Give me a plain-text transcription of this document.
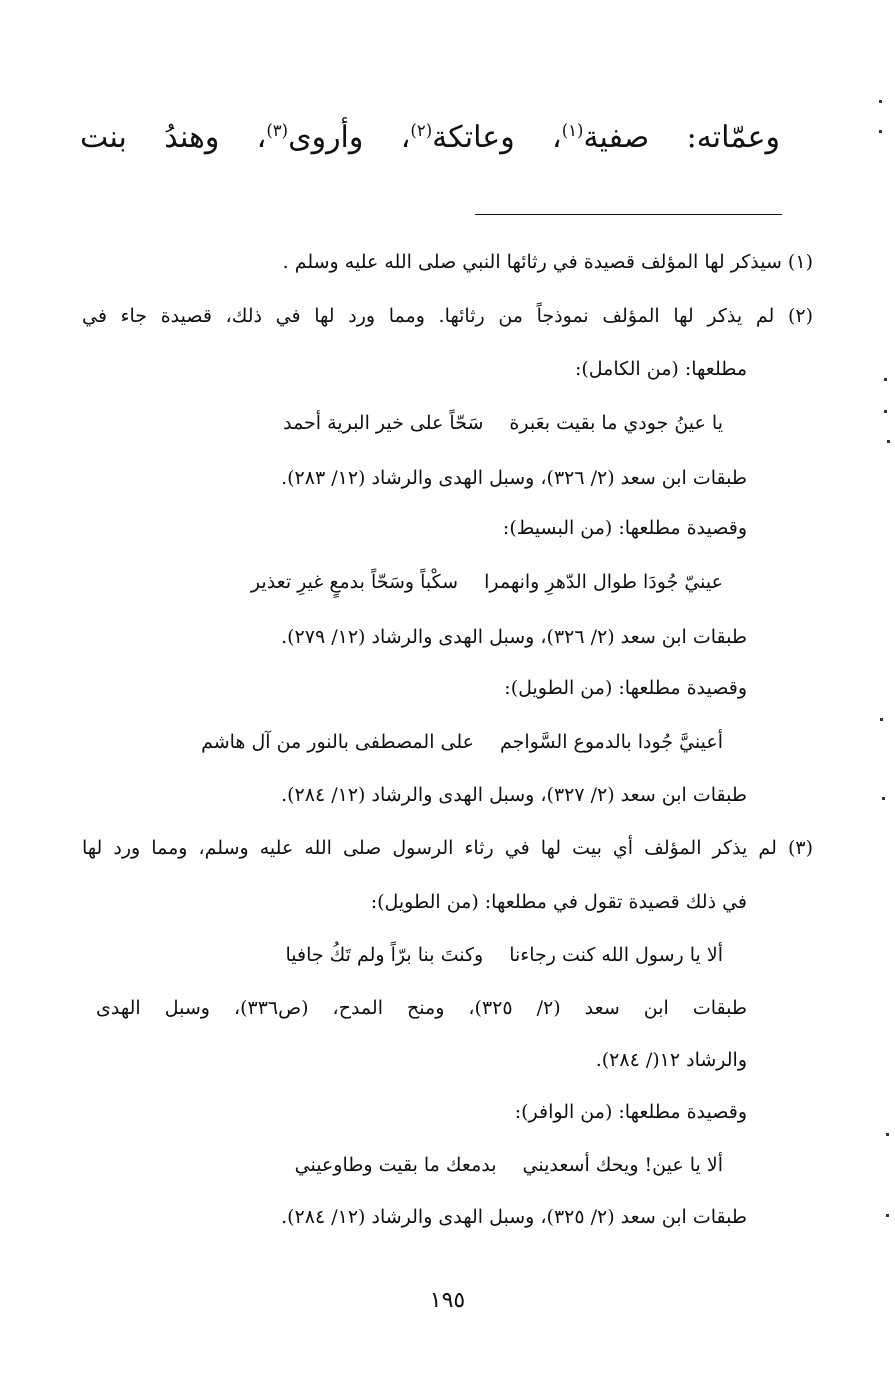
وعمّاته: صفية$^{(١)}$، وعاتكة$^{(٢)}$، وأروى$^{(٣)}$، وهندُ بنت
(١) سيذكر لها المؤلف قصيدة في رثائها النبي صلى الله عليه وسلم .
(٢) لم يذكر لها المؤلف نموذجاً من رثائها. ومما ورد لها في ذلك، قصيدة جاء في
مطلعها: (من الكامل):
يا عينُ جودي ما بقيت بعَبرةسَحّاً على خير البرية أحمد
طبقات ابن سعد (٢/ ٣٢٦)، وسبل الهدى والرشاد (١٢/ ٢٨٣).
وقصيدة مطلعها: (من البسيط):
عينيّ جُودَا طوال الدّهرِ وانهمراسكْباً وسَحّاً بدمعٍ غيرِ تعذير
طبقات ابن سعد (٢/ ٣٢٦)، وسبل الهدى والرشاد (١٢/ ٢٧٩).
وقصيدة مطلعها: (من الطويل):
أعينيَّ جُودا بالدموع السَّواجمعلى المصطفى بالنور من آل هاشم
طبقات ابن سعد (٢/ ٣٢٧)، وسبل الهدى والرشاد (١٢/ ٢٨٤).
(٣) لم يذكر المؤلف أي بيت لها في رثاء الرسول صلى الله عليه وسلم، ومما ورد لها
في ذلك قصيدة تقول في مطلعها: (من الطويل):
ألا يا رسول الله كنت رجاءناوكنتَ بنا برّاً ولم تَكُ جافيا
طبقات ابن سعد (٢/ ٣٢٥)، ومنح المدح، (ص٣٣٦)، وسبل الهدى
والرشاد ١٢(/ ٢٨٤).
وقصيدة مطلعها: (من الوافر):
ألا يا عين! ويحك أسعدينيبدمعك ما بقيت وطاوعيني
طبقات ابن سعد (٢/ ٣٢٥)، وسبل الهدى والرشاد (١٢/ ٢٨٤).
١٩٥
